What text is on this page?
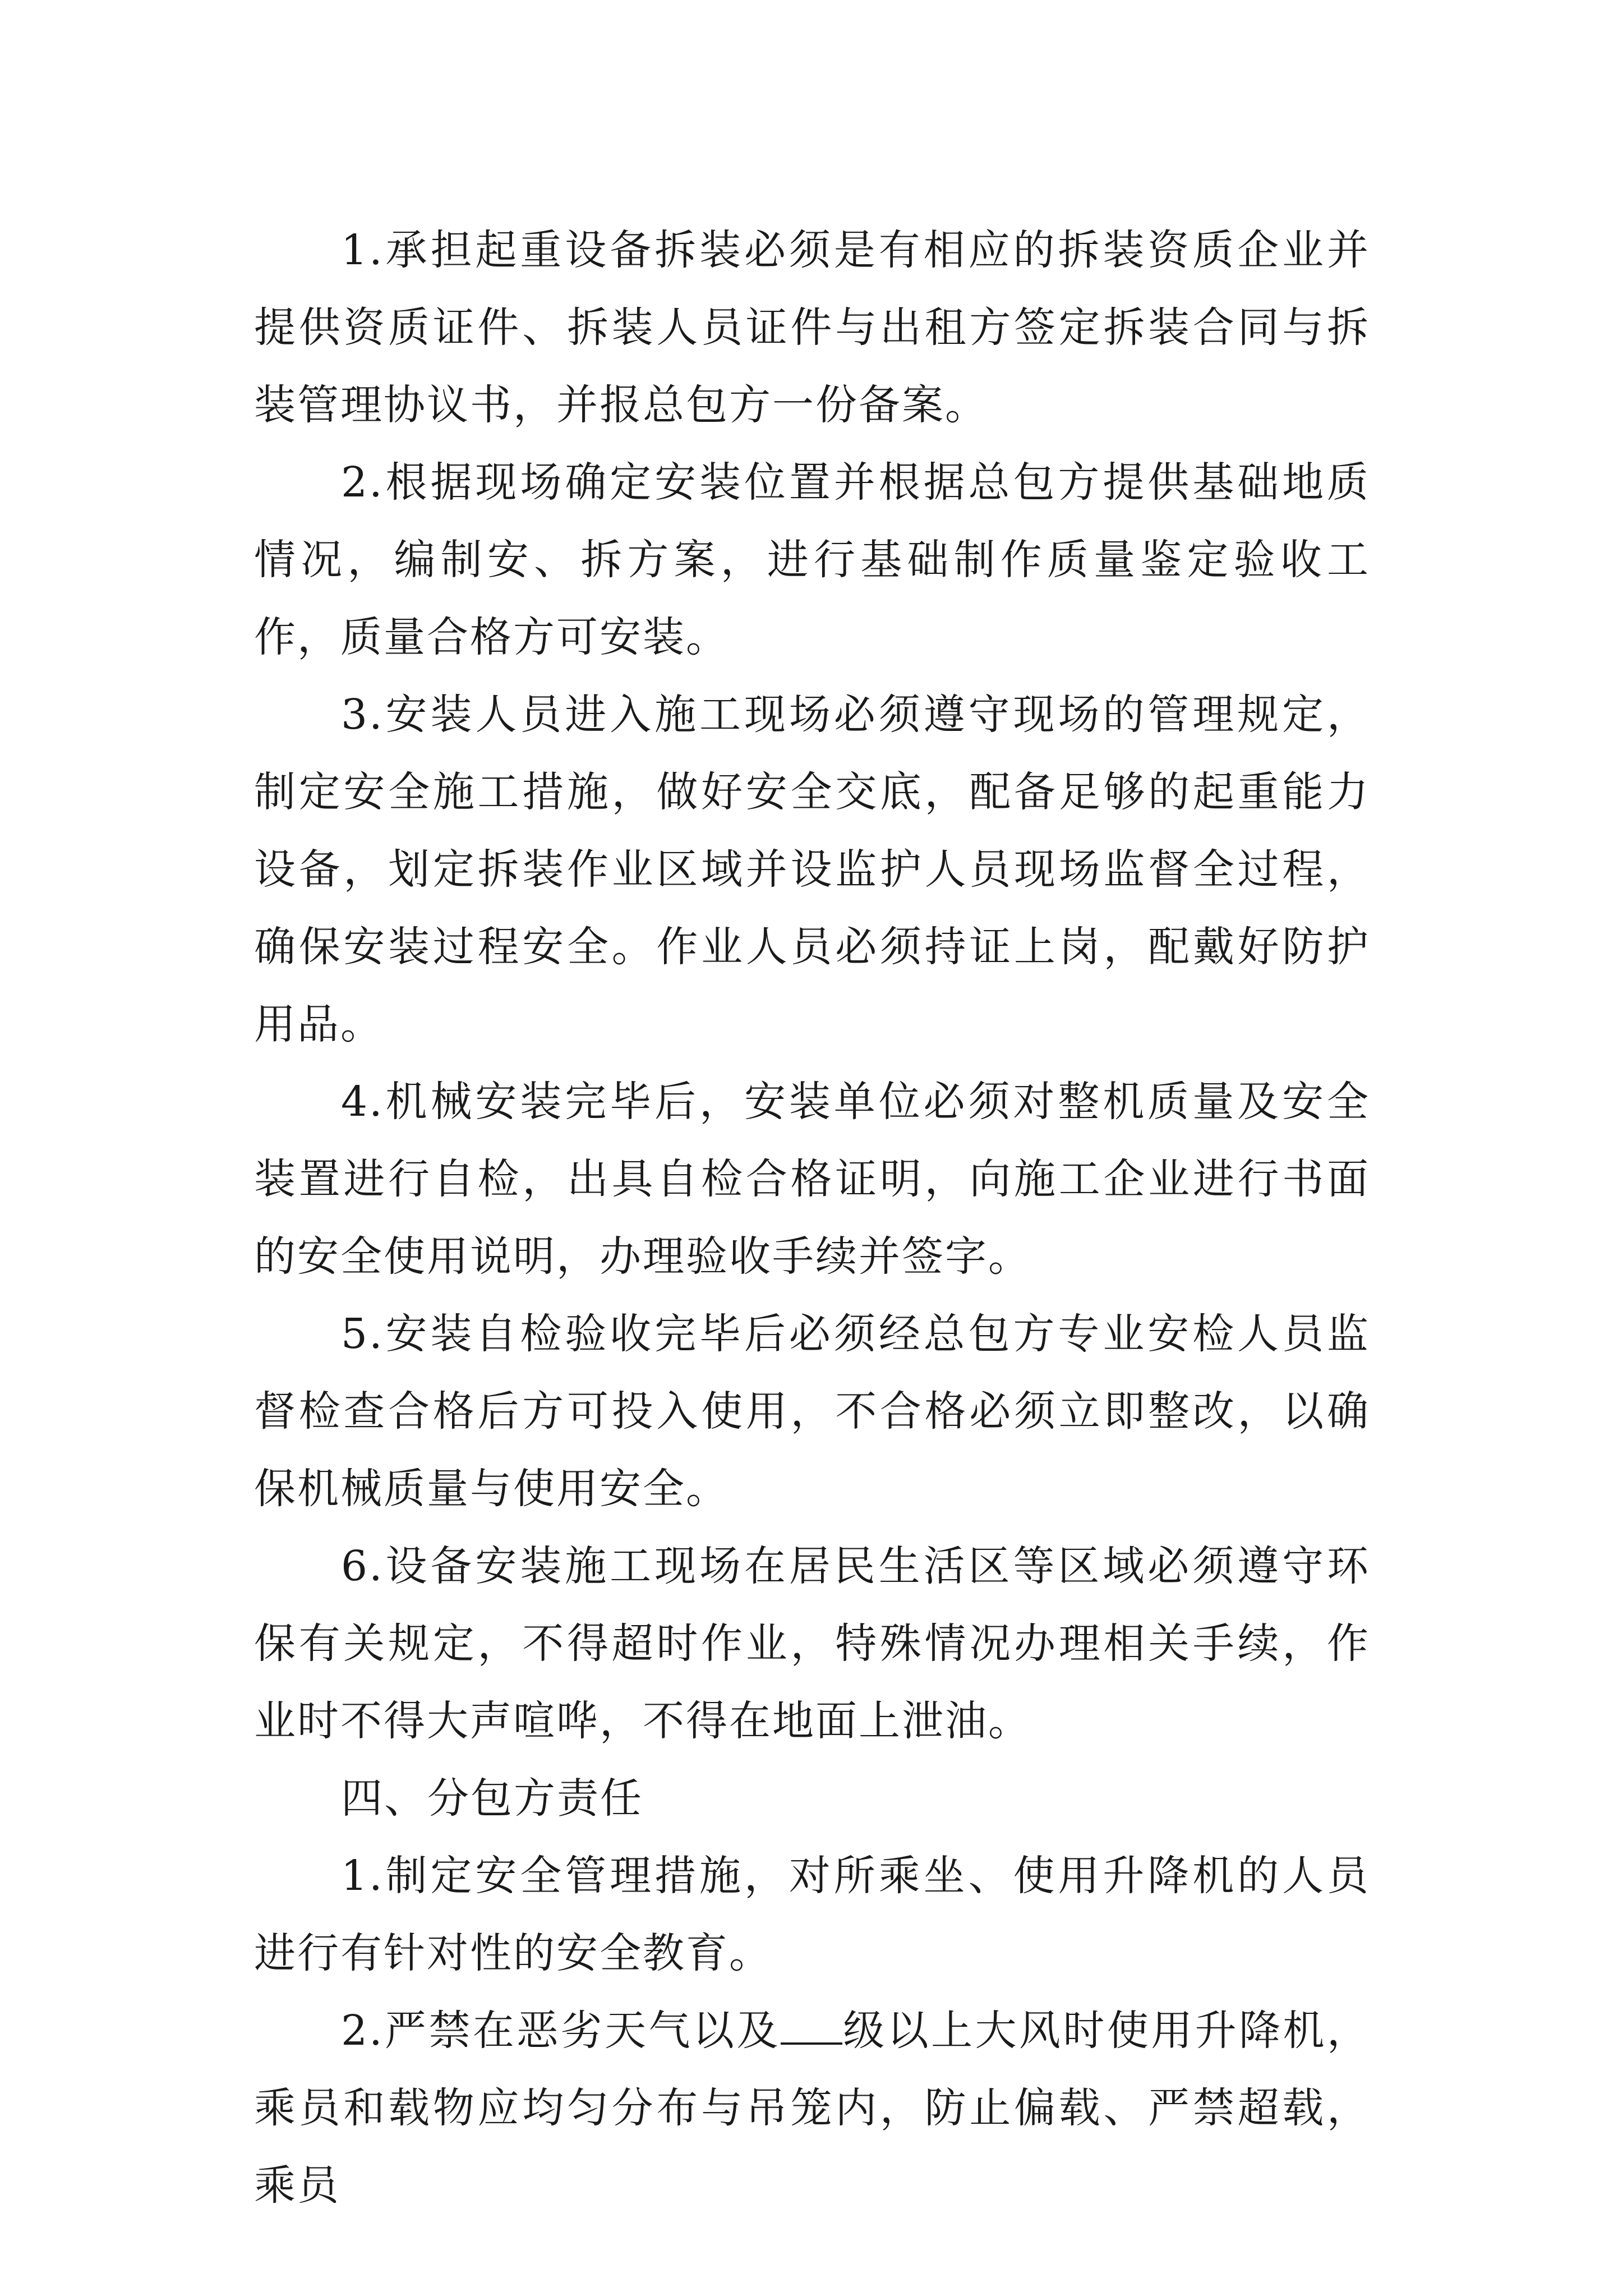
1.承担起重设备拆装必须是有相应的拆装资质企业并提供资质证件、拆装人员证件与出租方签定拆装合同与拆装管理协议书，并报总包方一份备案。

2.根据现场确定安装位置并根据总包方提供基础地质情况，编制安、拆方案，进行基础制作质量鉴定验收工作，质量合格方可安装。

3.安装人员进入施工现场必须遵守现场的管理规定，制定安全施工措施，做好安全交底，配备足够的起重能力设备，划定拆装作业区域并设监护人员现场监督全过程，确保安装过程安全。作业人员必须持证上岗，配戴好防护用品。

4.机械安装完毕后，安装单位必须对整机质量及安全装置进行自检，出具自检合格证明，向施工企业进行书面的安全使用说明，办理验收手续并签字。

5.安装自检验收完毕后必须经总包方专业安检人员监督检查合格后方可投入使用，不合格必须立即整改，以确保机械质量与使用安全。

6.设备安装施工现场在居民生活区等区域必须遵守环保有关规定，不得超时作业，特殊情况办理相关手续，作业时不得大声喧哗，不得在地面上泄油。

四、分包方责任

1.制定安全管理措施，对所乘坐、使用升降机的人员进行有针对性的安全教育。

2.严禁在恶劣天气以及 级以上大风时使用升降机，乘员和载物应均匀分布与吊笼内，防止偏载、严禁超载，乘员
